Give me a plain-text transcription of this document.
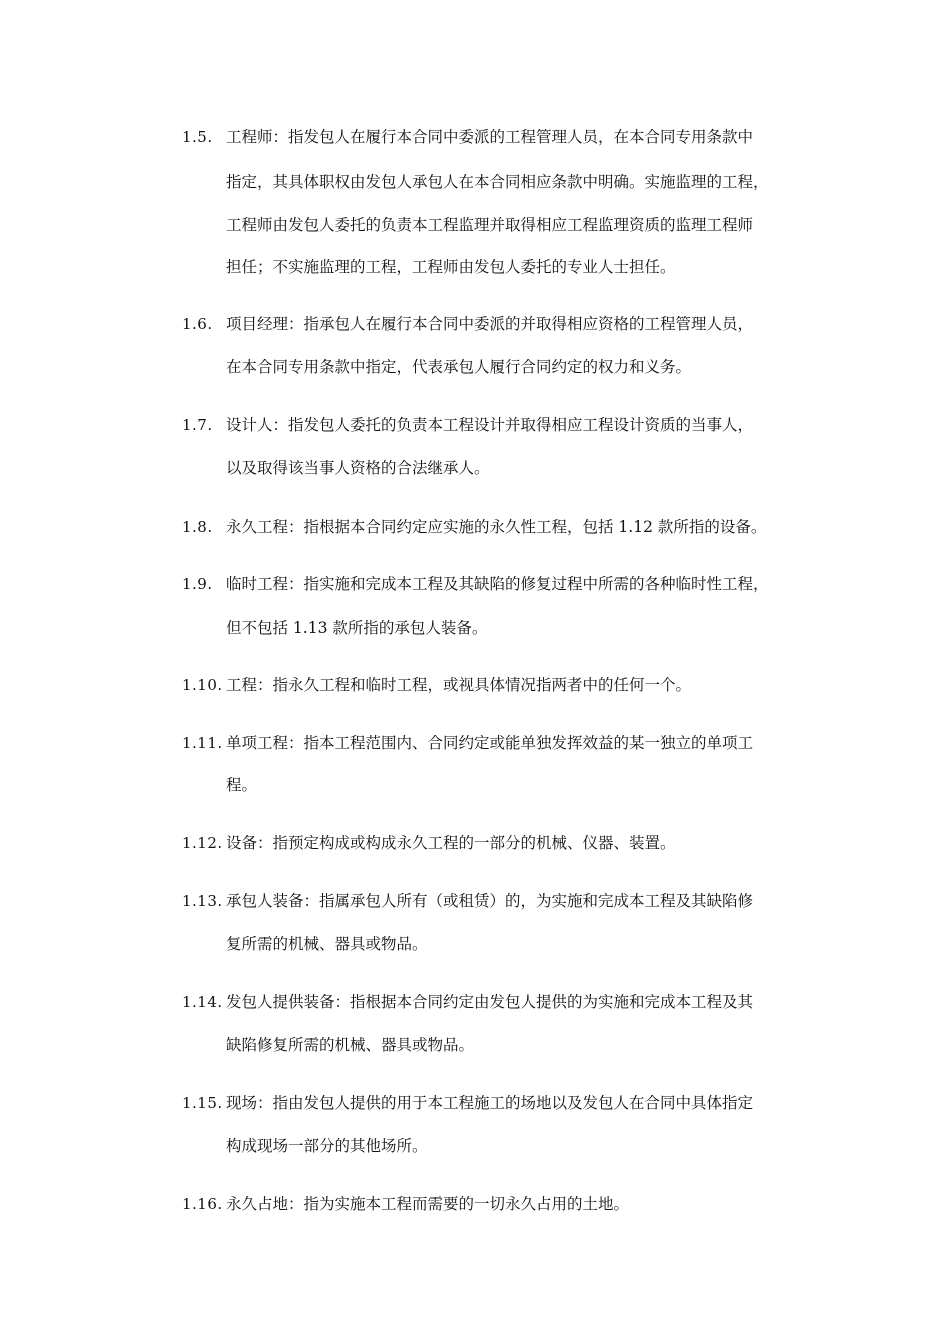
1.5. 工程师：指发包人在履行本合同中委派的工程管理人员，在本合同专用条款中
指定，其具体职权由发包人承包人在本合同相应条款中明确。实施监理的工程，
工程师由发包人委托的负责本工程监理并取得相应工程监理资质的监理工程师
担任；不实施监理的工程，工程师由发包人委托的专业人士担任。
1.6. 项目经理：指承包人在履行本合同中委派的并取得相应资格的工程管理人员，
在本合同专用条款中指定，代表承包人履行合同约定的权力和义务。
1.7. 设计人：指发包人委托的负责本工程设计并取得相应工程设计资质的当事人，
以及取得该当事人资格的合法继承人。
1.8. 永久工程：指根据本合同约定应实施的永久性工程，包括 1.12 款所指的设备。
1.9. 临时工程：指实施和完成本工程及其缺陷的修复过程中所需的各种临时性工程，
但不包括 1.13 款所指的承包人装备。
1.10. 工程：指永久工程和临时工程，或视具体情况指两者中的任何一个。
1.11. 单项工程：指本工程范围内、合同约定或能单独发挥效益的某一独立的单项工
程。
1.12. 设备：指预定构成或构成永久工程的一部分的机械、仪器、装置。
1.13. 承包人装备：指属承包人所有（或租赁）的，为实施和完成本工程及其缺陷修
复所需的机械、器具或物品。
1.14. 发包人提供装备：指根据本合同约定由发包人提供的为实施和完成本工程及其
缺陷修复所需的机械、器具或物品。
1.15. 现场：指由发包人提供的用于本工程施工的场地以及发包人在合同中具体指定
构成现场一部分的其他场所。
1.16. 永久占地：指为实施本工程而需要的一切永久占用的土地。
